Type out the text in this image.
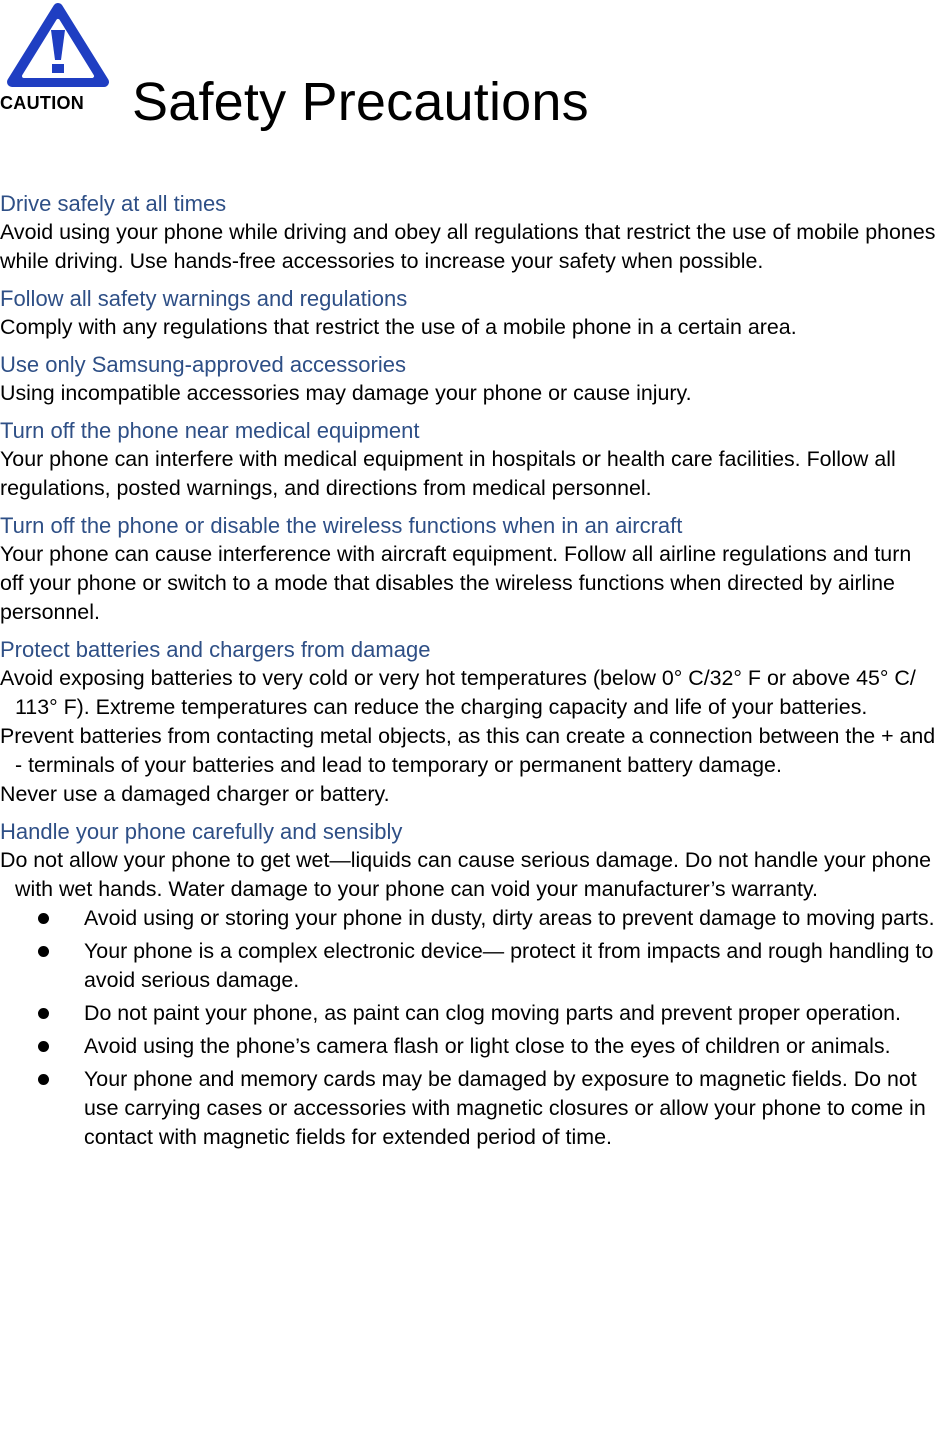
CAUTION Safety Precautions
Drive safely at all times

Avoid using your phone while driving and obey all regulations that restrict the use of mobile phones while driving. Use hands-free accessories to increase your safety when possible.

Follow all safety warnings and regulations

Comply with any regulations that restrict the use of a mobile phone in a certain area.

Use only Samsung-approved accessories

Using incompatible accessories may damage your phone or cause injury.

Turn off the phone near medical equipment

Your phone can interfere with medical equipment in hospitals or health care facilities. Follow all regulations, posted warnings, and directions from medical personnel.

Turn off the phone or disable the wireless functions when in an aircraft

Your phone can cause interference with aircraft equipment. Follow all airline regulations and turn off your phone or switch to a mode that disables the wireless functions when directed by airline personnel.

Protect batteries and chargers from damage

Avoid exposing batteries to very cold or very hot temperatures (below 0° C/32° F or above 45° C/ 113° F). Extreme temperatures can reduce the charging capacity and life of your batteries.

Prevent batteries from contacting metal objects, as this can create a connection between the + and - terminals of your batteries and lead to temporary or permanent battery damage.

Never use a damaged charger or battery.

Handle your phone carefully and sensibly

Do not allow your phone to get wet—liquids can cause serious damage. Do not handle your phone with wet hands. Water damage to your phone can void your manufacturer’s warranty.

Avoid using or storing your phone in dusty, dirty areas to prevent damage to moving parts.
Your phone is a complex electronic device— protect it from impacts and rough handling to avoid serious damage.
Do not paint your phone, as paint can clog moving parts and prevent proper operation.
Avoid using the phone’s camera flash or light close to the eyes of children or animals.
Your phone and memory cards may be damaged by exposure to magnetic fields. Do not use carrying cases or accessories with magnetic closures or allow your phone to come in contact with magnetic fields for extended period of time.
